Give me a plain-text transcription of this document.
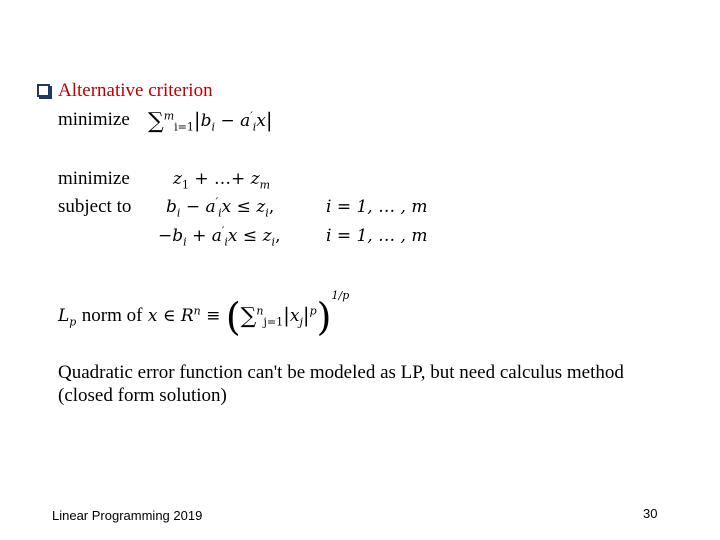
Alternative criterion
minimize $\sum^m_{i=1}|b_i - a'_ix|$
minimize	$z_1$ + …+ $z_m$
subject to $b_i - a'_ix \le z_i$,	i = 1, … , m
$-b_i + a'_ix \le z_i$,	i = 1, … , m
$L_p$ norm of x ∈ $R^n \equiv (\sum^n_{j=1}|x_j|^p)^{1/p}$
Quadratic error function can't be modeled as LP, but need calculus method
(closed form solution)
Linear Programming 2019	30
